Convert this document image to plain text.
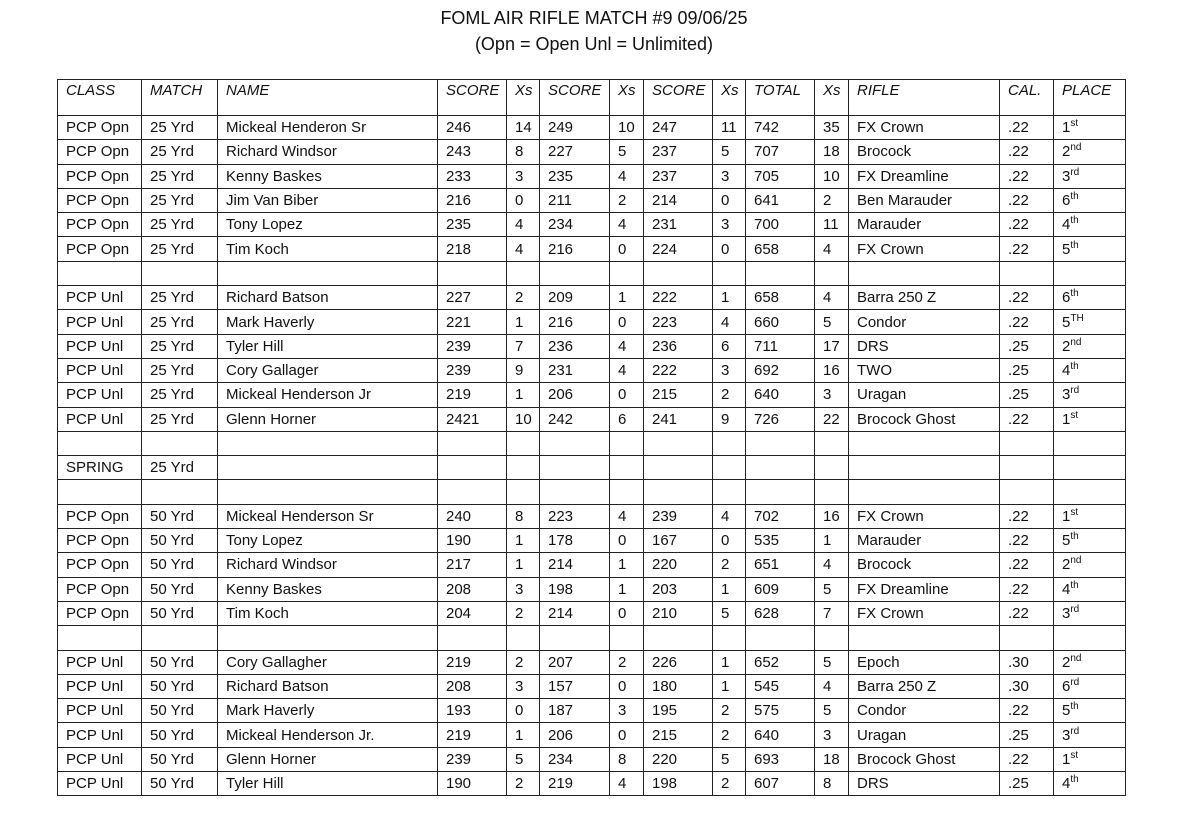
FOML AIR RIFLE MATCH #9 09/06/25
(Opn = Open Unl = Unlimited)
CLASS	MATCH	NAME	SCORE	Xs	SCORE	Xs	SCORE	Xs	TOTAL	Xs	RIFLE	CAL.	PLACE
PCP Opn	25 Yrd	Mickeal Henderon Sr	246	14	249	10	247	11	742	35	FX Crown	.22	1st
PCP Opn	25 Yrd	Richard Windsor	243	8	227	5	237	5	707	18	Brocock	.22	2nd
PCP Opn	25 Yrd	Kenny Baskes	233	3	235	4	237	3	705	10	FX Dreamline	.22	3rd
PCP Opn	25 Yrd	Jim Van Biber	216	0	211	2	214	0	641	2	Ben Marauder	.22	6th
PCP Opn	25 Yrd	Tony Lopez	235	4	234	4	231	3	700	11	Marauder	.22	4th
PCP Opn	25 Yrd	Tim Koch	218	4	216	0	224	0	658	4	FX Crown	.22	5th

PCP Unl	25 Yrd	Richard Batson	227	2	209	1	222	1	658	4	Barra 250 Z	.22	6th
PCP Unl	25 Yrd	Mark Haverly	221	1	216	0	223	4	660	5	Condor	.22	5TH
PCP Unl	25 Yrd	Tyler Hill	239	7	236	4	236	6	711	17	DRS	.25	2nd
PCP Unl	25 Yrd	Cory Gallager	239	9	231	4	222	3	692	16	TWO	.25	4th
PCP Unl	25 Yrd	Mickeal Henderson Jr	219	1	206	0	215	2	640	3	Uragan	.25	3rd
PCP Unl	25 Yrd	Glenn Horner	2421	10	242	6	241	9	726	22	Brocock Ghost	.22	1st

SPRING	25 Yrd												

PCP Opn	50 Yrd	Mickeal Henderson Sr	240	8	223	4	239	4	702	16	FX Crown	.22	1st
PCP Opn	50 Yrd	Tony Lopez	190	1	178	0	167	0	535	1	Marauder	.22	5th
PCP Opn	50 Yrd	Richard Windsor	217	1	214	1	220	2	651	4	Brocock	.22	2nd
PCP Opn	50 Yrd	Kenny Baskes	208	3	198	1	203	1	609	5	FX Dreamline	.22	4th
PCP Opn	50 Yrd	Tim Koch	204	2	214	0	210	5	628	7	FX Crown	.22	3rd

PCP Unl	50 Yrd	Cory Gallagher	219	2	207	2	226	1	652	5	Epoch	.30	2nd
PCP Unl	50 Yrd	Richard Batson	208	3	157	0	180	1	545	4	Barra 250 Z	.30	6rd
PCP Unl	50 Yrd	Mark Haverly	193	0	187	3	195	2	575	5	Condor	.22	5th
PCP Unl	50 Yrd	Mickeal Henderson Jr.	219	1	206	0	215	2	640	3	Uragan	.25	3rd
PCP Unl	50 Yrd	Glenn Horner	239	5	234	8	220	5	693	18	Brocock Ghost	.22	1st
PCP Unl	50 Yrd	Tyler Hill	190	2	219	4	198	2	607	8	DRS	.25	4th
